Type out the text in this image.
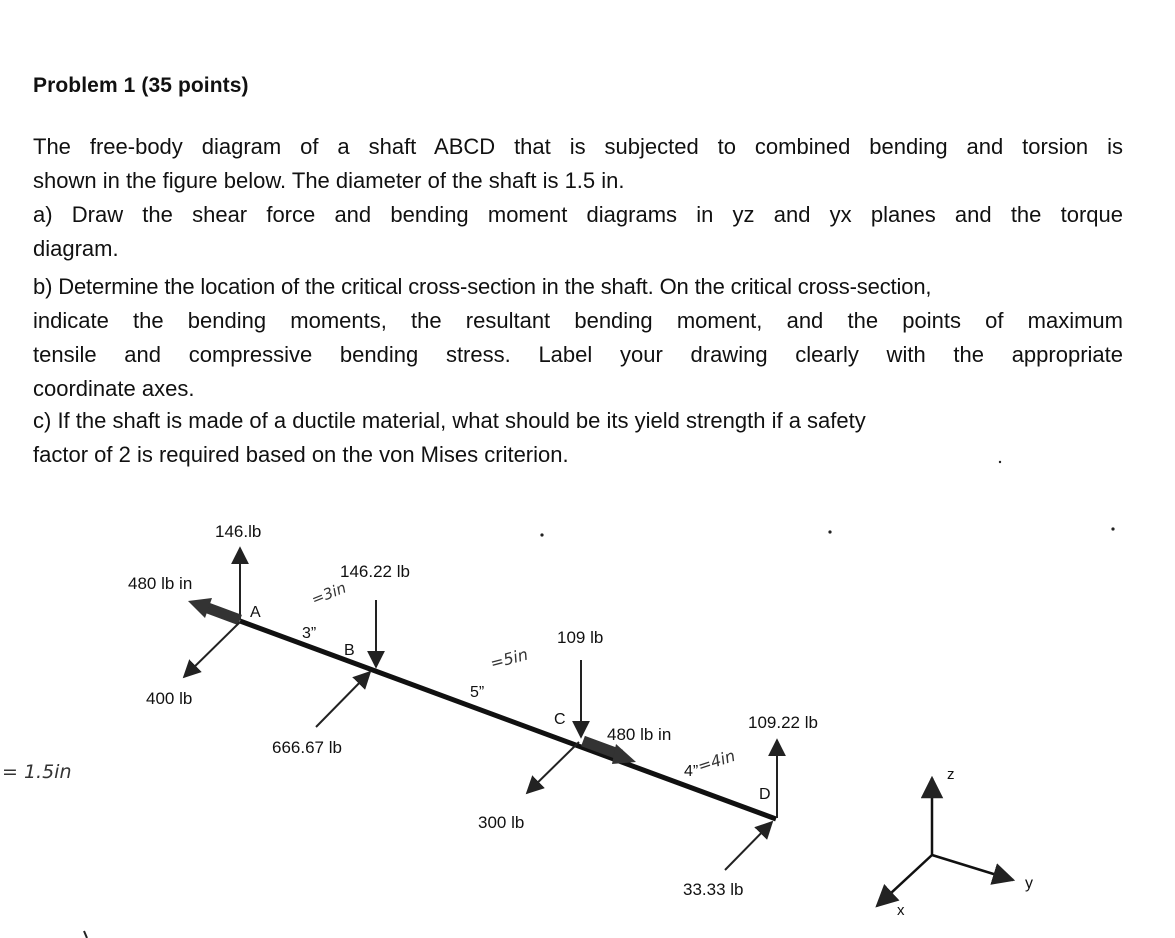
Problem 1 (35 points)
The free-body diagram of a shaft ABCD that is subjected to combined bending and torsion is
shown in the figure below. The diameter of the shaft is 1.5 in.
a) Draw the shear force and bending moment diagrams in yz and yx planes and the torque
diagram.
b) Determine the location of the critical cross-section in the shaft. On the critical cross-section,
indicate the bending moments, the resultant bending moment, and the points of maximum
tensile and compressive bending stress. Label your drawing clearly with the appropriate
coordinate axes.
c) If the shaft is made of a ductile material, what should be its yield strength if a safety
factor of 2 is required based on the von Mises criterion.
A
B
C
D
3”
5”
4”
146.lb
480 lb in
400 lb
146.22 lb
666.67 lb
109 lb
480 lb in
300 lb
109.22 lb
33.33 lb
=3in
=5in
=4in
= 1.5in	z
y
x
